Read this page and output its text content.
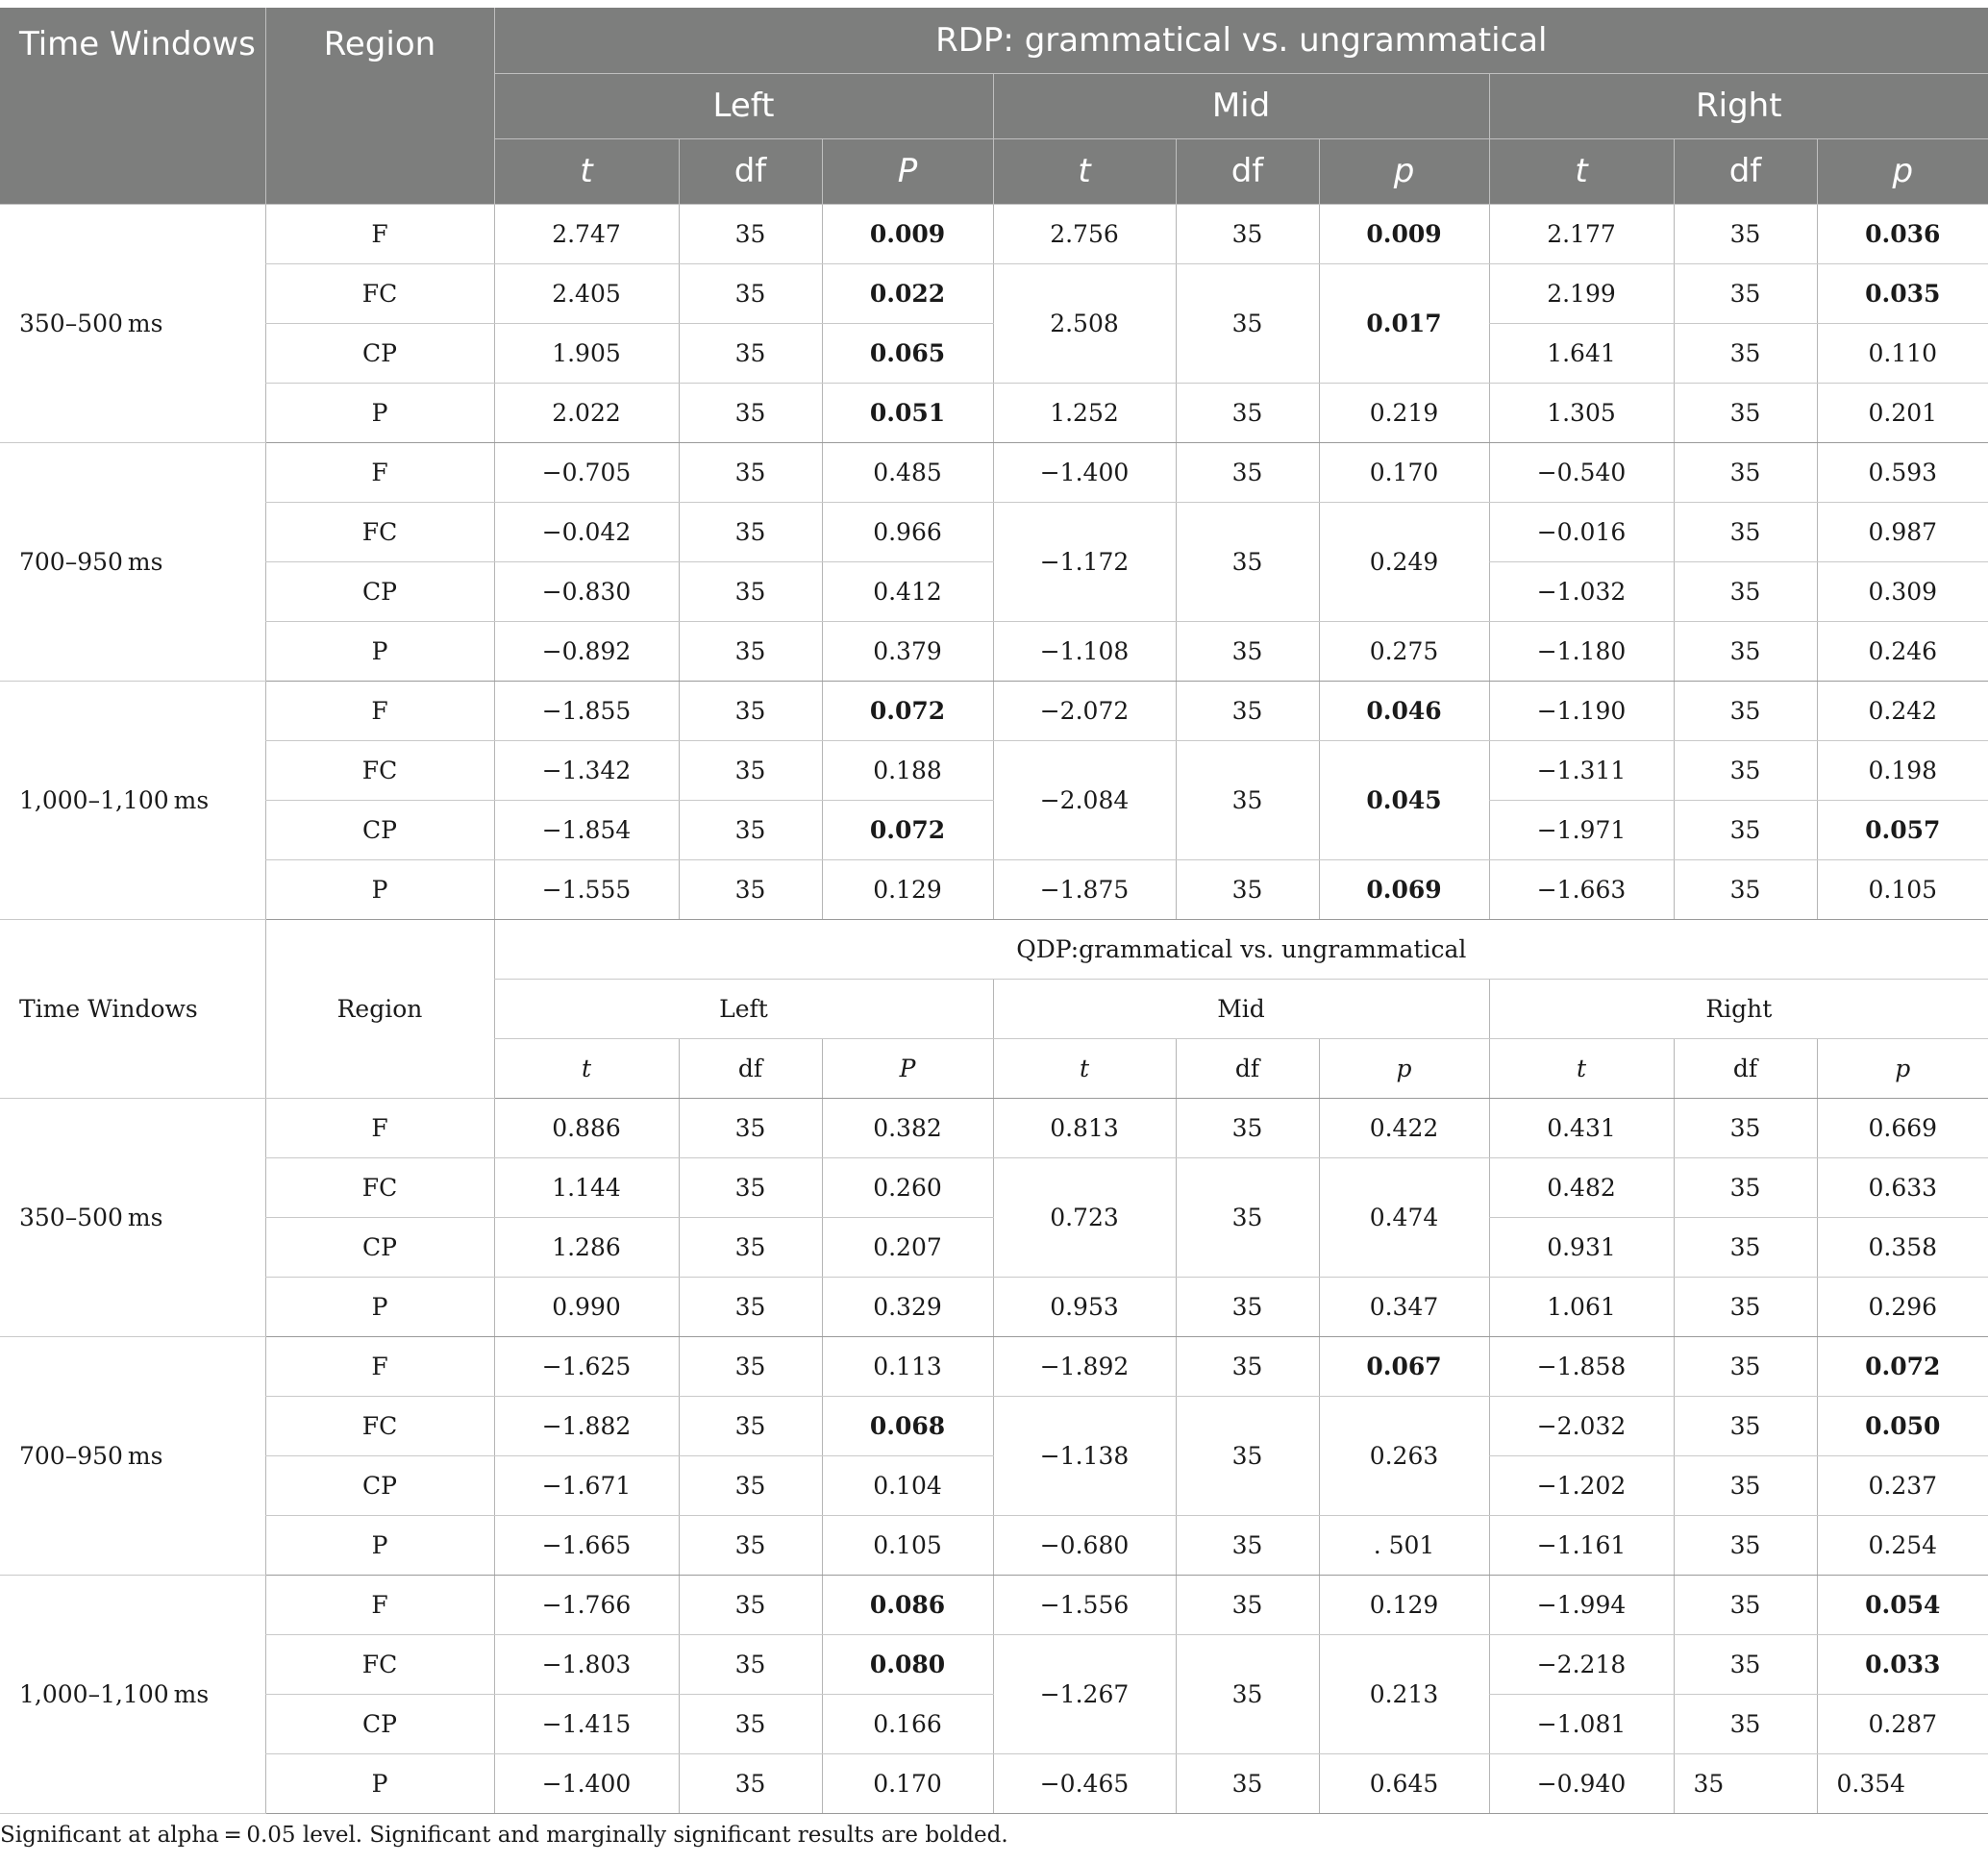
Time Windows	Region	RDP: grammatical vs. ungrammatical								
		Left			Mid			Right		
		t	df	P	t	df	p	t	df	p
350–500 ms	F	2.747	35	0.009	2.756	35	0.009	2.177	35	0.036
	FC	2.405	35	0.022	2.508	35	0.017	2.199	35	0.035
	CP	1.905	35	0.065				1.641	35	0.110
	P	2.022	35	0.051	1.252	35	0.219	1.305	35	0.201
700–950 ms	F	−0.705	35	0.485	−1.400	35	0.170	−0.540	35	0.593
	FC	−0.042	35	0.966	−1.172	35	0.249	−0.016	35	0.987
	CP	−0.830	35	0.412				−1.032	35	0.309
	P	−0.892	35	0.379	−1.108	35	0.275	−1.180	35	0.246
1,000–1,100 ms	F	−1.855	35	0.072	−2.072	35	0.046	−1.190	35	0.242
	FC	−1.342	35	0.188	−2.084	35	0.045	−1.311	35	0.198
	CP	−1.854	35	0.072				−1.971	35	0.057
	P	−1.555	35	0.129	−1.875	35	0.069	−1.663	35	0.105
Time Windows	Region	QDP:grammatical vs. ungrammatical								
		Left			Mid			Right		
		t	df	P	t	df	p	t	df	p
350–500 ms	F	0.886	35	0.382	0.813	35	0.422	0.431	35	0.669
	FC	1.144	35	0.260	0.723	35	0.474	0.482	35	0.633
	CP	1.286	35	0.207				0.931	35	0.358
	P	0.990	35	0.329	0.953	35	0.347	1.061	35	0.296
700–950 ms	F	−1.625	35	0.113	−1.892	35	0.067	−1.858	35	0.072
	FC	−1.882	35	0.068	−1.138	35	0.263	−2.032	35	0.050
	CP	−1.671	35	0.104				−1.202	35	0.237
	P	−1.665	35	0.105	−0.680	35	. 501	−1.161	35	0.254
1,000–1,100 ms	F	−1.766	35	0.086	−1.556	35	0.129	−1.994	35	0.054
	FC	−1.803	35	0.080	−1.267	35	0.213	−2.218	35	0.033
	CP	−1.415	35	0.166				−1.081	35	0.287
	P	−1.400	35	0.170	−0.465	35	0.645	−0.940	35	0.354
Significant at alpha = 0.05 level. Significant and marginally significant results are bolded.
